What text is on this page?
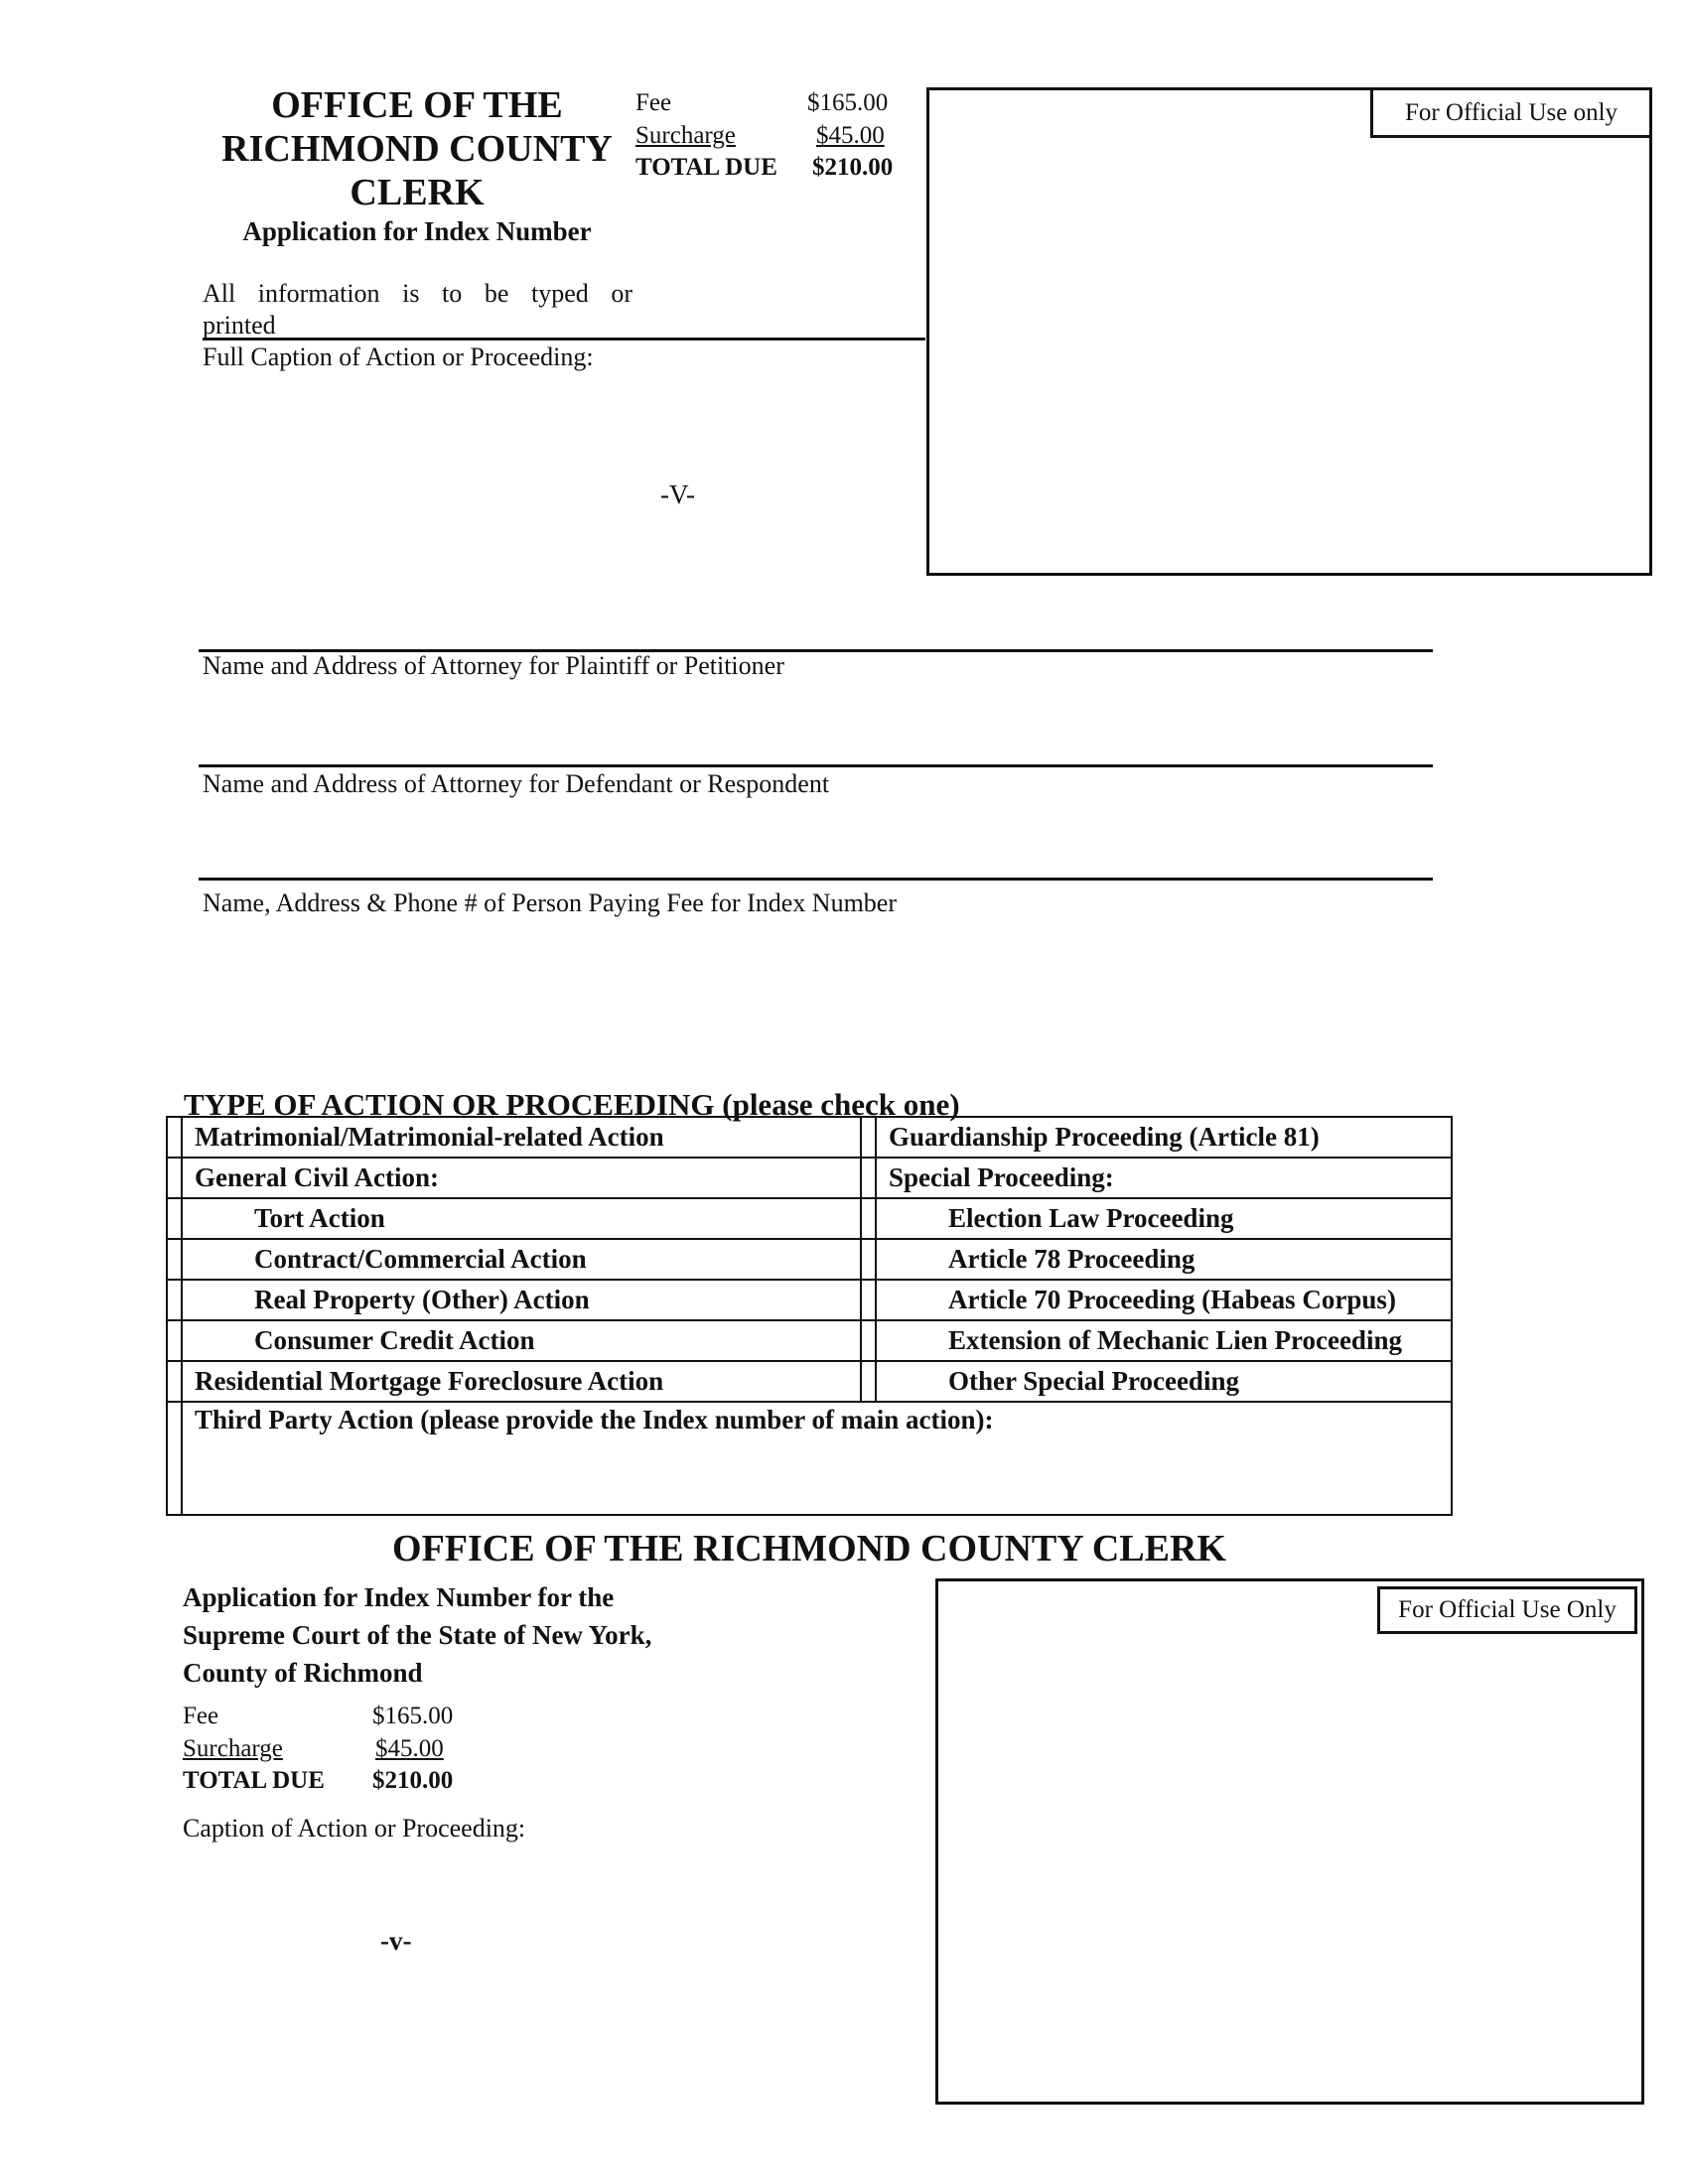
OFFICE OF THE
RICHMOND COUNTY
CLERK
Application for Index Number
Fee	$165.00
Surcharge	$45.00
TOTAL DUE $210.00
All information is to be typed or
printed
Full Caption of Action or Proceeding:
-V-
For Official Use only
Name and Address of Attorney for Plaintiff or Petitioner
Name and Address of Attorney for Defendant or Respondent
Name, Address & Phone # of Person Paying Fee for Index Number
TYPE OF ACTION OR PROCEEDING (please check one)
	Matrimonial/Matrimonial-related Action		Guardianship Proceeding (Article 81)
	General Civil Action:		Special Proceeding:
	Tort Action		Election Law Proceeding
	Contract/Commercial Action		Article 78 Proceeding
	Real Property (Other) Action		Article 70 Proceeding (Habeas Corpus)
	Consumer Credit Action		Extension of Mechanic Lien Proceeding
	Residential Mortgage Foreclosure Action		Other Special Proceeding
	Third Party Action (please provide the Index number of main action):		
OFFICE OF THE RICHMOND COUNTY CLERK
Application for Index Number for the
Supreme Court of the State of New York,
County of Richmond
Fee	$165.00
Surcharge	$45.00
TOTAL DUE $210.00
Caption of Action or Proceeding:
-v-
For Official Use Only
